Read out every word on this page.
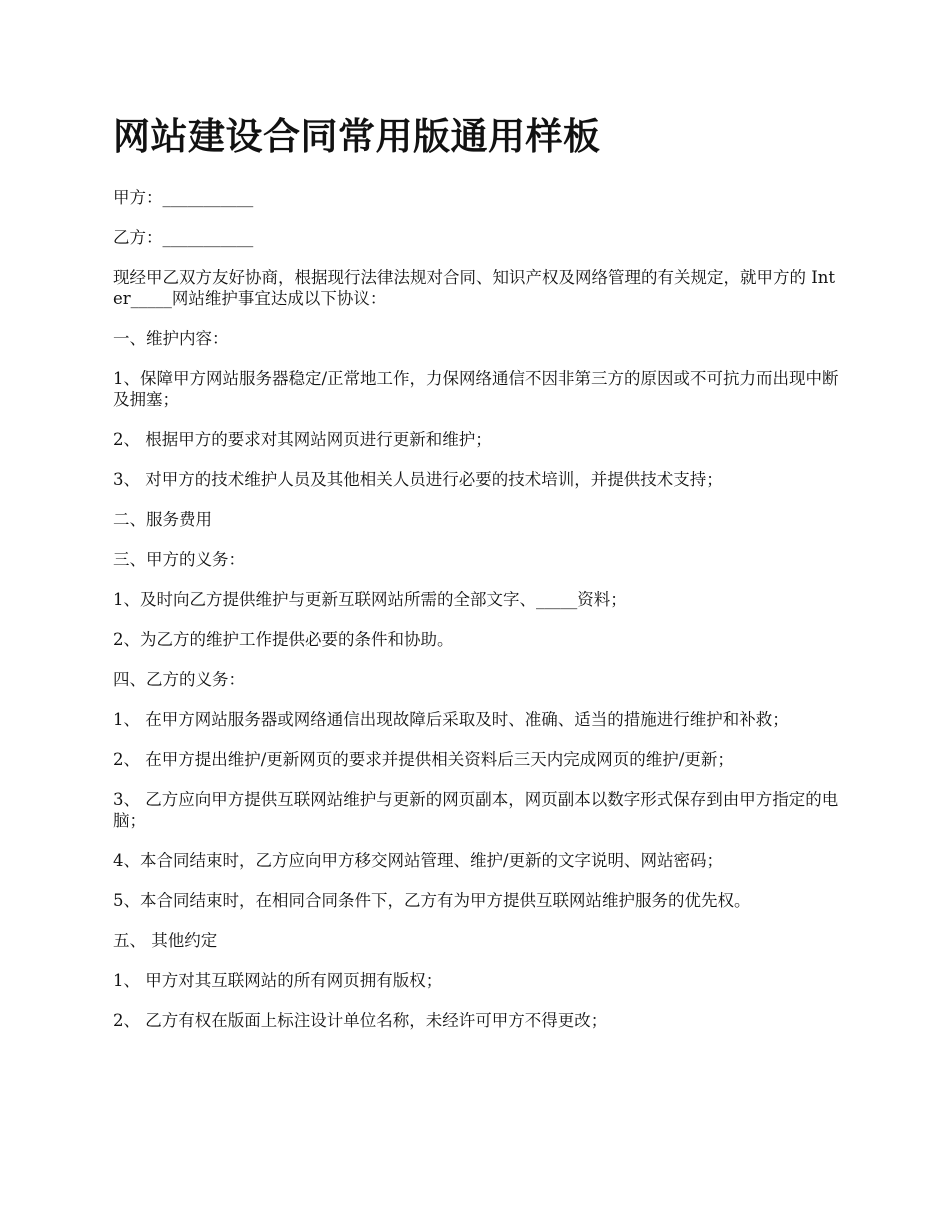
网站建设合同常用版通用样板

甲方：___________

乙方：___________

现经甲乙双方友好协商，根据现行法律法规对合同、知识产权及网络管理的有关规定，就甲方的 Inter_____网站维护事宜达成以下协议：

一、维护内容：

1、保障甲方网站服务器稳定/正常地工作，力保网络通信不因非第三方的原因或不可抗力而出现中断及拥塞；

2、 根据甲方的要求对其网站网页进行更新和维护；

3、 对甲方的技术维护人员及其他相关人员进行必要的技术培训，并提供技术支持；

二、服务费用

三、甲方的义务：

1、及时向乙方提供维护与更新互联网站所需的全部文字、_____资料；

2、为乙方的维护工作提供必要的条件和协助。

四、乙方的义务：

1、 在甲方网站服务器或网络通信出现故障后采取及时、准确、适当的措施进行维护和补救；

2、 在甲方提出维护/更新网页的要求并提供相关资料后三天内完成网页的维护/更新；

3、 乙方应向甲方提供互联网站维护与更新的网页副本，网页副本以数字形式保存到由甲方指定的电脑；

4、本合同结束时，乙方应向甲方移交网站管理、维护/更新的文字说明、网站密码；

5、本合同结束时，在相同合同条件下，乙方有为甲方提供互联网站维护服务的优先权。

五、 其他约定

1、 甲方对其互联网站的所有网页拥有版权；

2、 乙方有权在版面上标注设计单位名称，未经许可甲方不得更改；
